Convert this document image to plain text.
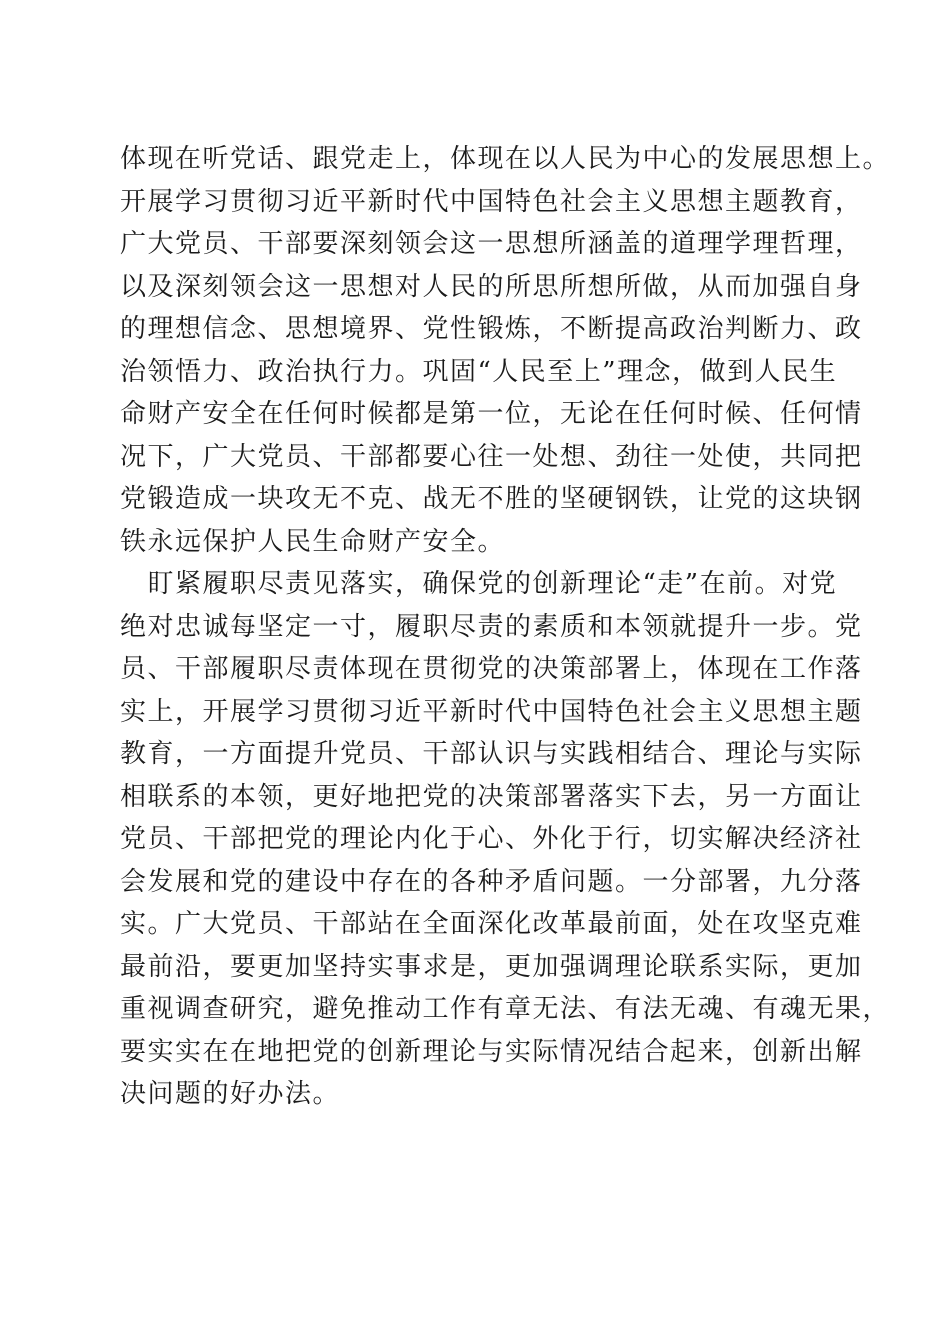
体现在听党话、跟党走上，体现在以人民为中心的发展思想上。
开展学习贯彻习近平新时代中国特色社会主义思想主题教育，
广大党员、干部要深刻领会这一思想所涵盖的道理学理哲理，
以及深刻领会这一思想对人民的所思所想所做，从而加强自身
的理想信念、思想境界、党性锻炼，不断提高政治判断力、政
治领悟力、政治执行力。巩固“人民至上”理念，做到人民生
命财产安全在任何时候都是第一位，无论在任何时候、任何情
况下，广大党员、干部都要心往一处想、劲往一处使，共同把
党锻造成一块攻无不克、战无不胜的坚硬钢铁，让党的这块钢
铁永远保护人民生命财产安全。
　盯紧履职尽责见落实，确保党的创新理论“走”在前。对党
绝对忠诚每坚定一寸，履职尽责的素质和本领就提升一步。党
员、干部履职尽责体现在贯彻党的决策部署上，体现在工作落
实上，开展学习贯彻习近平新时代中国特色社会主义思想主题
教育，一方面提升党员、干部认识与实践相结合、理论与实际
相联系的本领，更好地把党的决策部署落实下去，另一方面让
党员、干部把党的理论内化于心、外化于行，切实解决经济社
会发展和党的建设中存在的各种矛盾问题。一分部署，九分落
实。广大党员、干部站在全面深化改革最前面，处在攻坚克难
最前沿，要更加坚持实事求是，更加强调理论联系实际，更加
重视调查研究，避免推动工作有章无法、有法无魂、有魂无果，
要实实在在地把党的创新理论与实际情况结合起来，创新出解
决问题的好办法。
